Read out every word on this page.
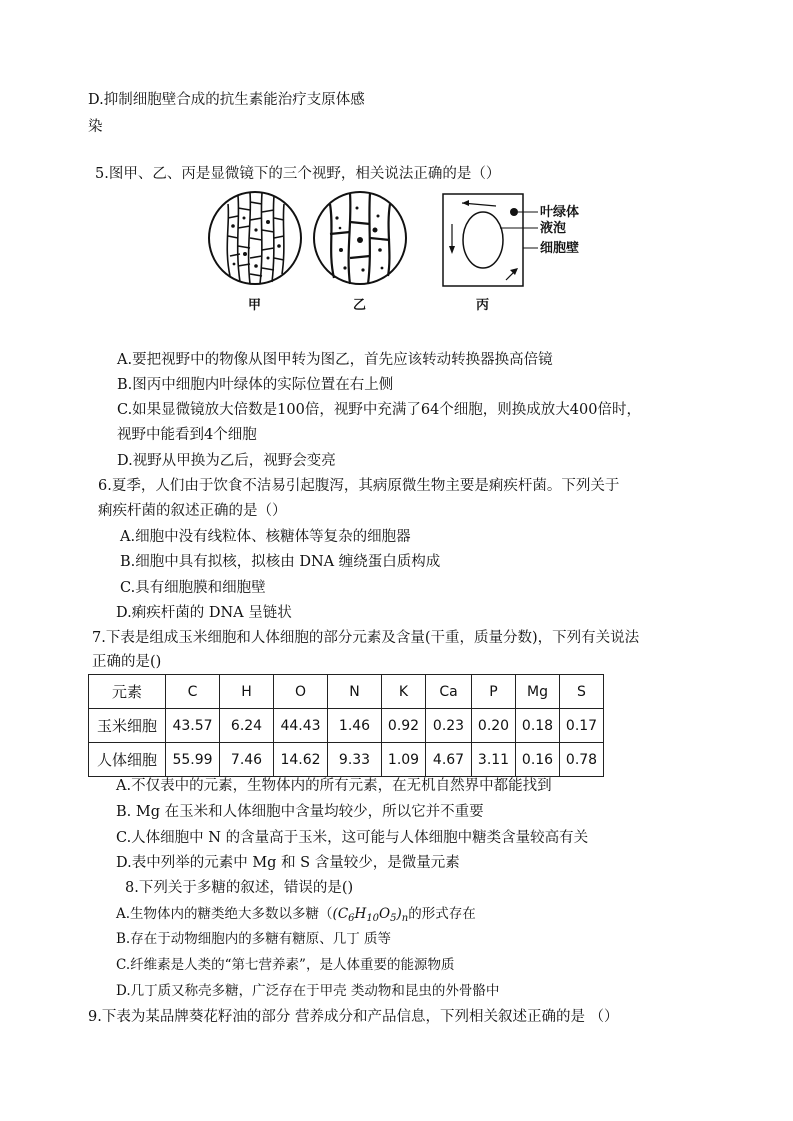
D.抑制细胞壁合成的抗生素能治疗支原体感
染
5.图甲、乙、丙是显微镜下的三个视野，相关说法正确的是（）
甲	乙	丙
叶绿体
液泡
细胞壁
A.要把视野中的物像从图甲转为图乙，首先应该转动转换器换高倍镜
B.图丙中细胞内叶绿体的实际位置在右上侧
C.如果显微镜放大倍数是100倍，视野中充满了64个细胞，则换成放大400倍时，
视野中能看到4个细胞
D.视野从甲换为乙后，视野会变亮
6.夏季，人们由于饮食不洁易引起腹泻，其病原微生物主要是痢疾杆菌。下列关于
痢疾杆菌的叙述正确的是（）
A.细胞中没有线粒体、核糖体等复杂的细胞器
B.细胞中具有拟核，拟核由 DNA 缠绕蛋白质构成
C.具有细胞膜和细胞壁
D.痢疾杆菌的 DNA 呈链状
7.下表是组成玉米细胞和人体细胞的部分元素及含量(干重，质量分数)，下列有关说法
正确的是()
元素	C	H	O	N	K	Ca	P	Mg	S
玉米细胞	43.57	6.24	44.43	1.46	0.92	0.23	0.20	0.18	0.17
人体细胞	55.99	7.46	14.62	9.33	1.09	4.67	3.11	0.16	0.78
A.不仅表中的元素，生物体内的所有元素，在无机自然界中都能找到
B. Mg 在玉米和人体细胞中含量均较少，所以它并不重要
C.人体细胞中 N 的含量高于玉米，这可能与人体细胞中糖类含量较高有关
D.表中列举的元素中 Mg 和 S 含量较少，是微量元素
8.下列关于多糖的叙述，错误的是()
A.生物体内的糖类绝大多数以多糖（$(C_6H_{10}O_5)_n$的形式存在
B.存在于动物细胞内的多糖有糖原、几丁 质等
C.纤维素是人类的“第七营养素”，是人体重要的能源物质
D.几丁质又称壳多糖，广泛存在于甲壳 类动物和昆虫的外骨骼中
9.下表为某品牌葵花籽油的部分 营养成分和产品信息，下列相关叙述正确的是 （）
